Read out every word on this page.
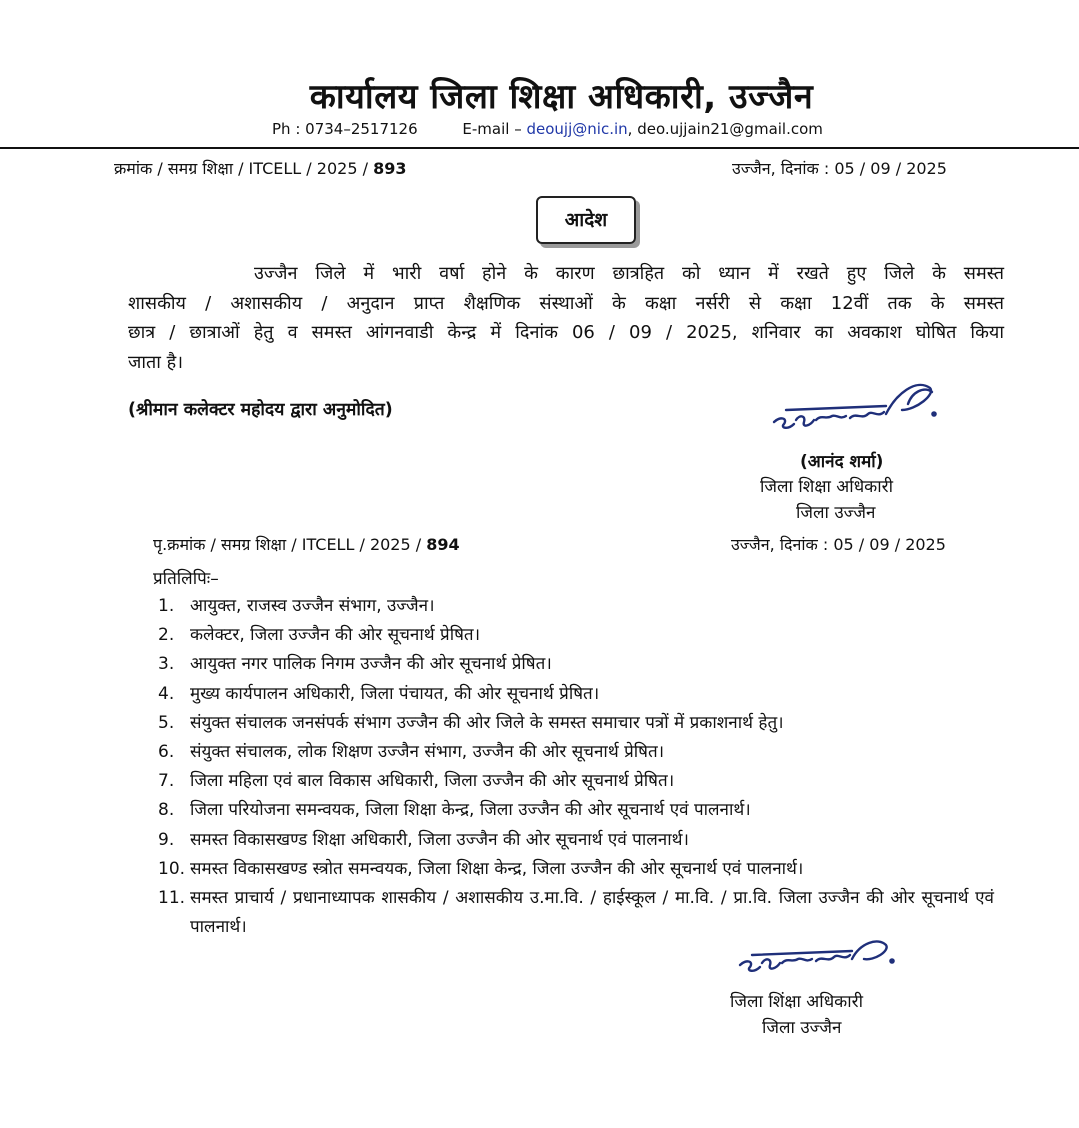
कार्यालय जिला शिक्षा अधिकारी, उज्जैन
Ph : 0734–2517126	E-mail – deoujj@nic.in, deo.ujjain21@gmail.com
क्रमांक / समग्र शिक्षा / ITCELL / 2025 / 893	उज्जैन, दिनांक : 05 / 09 / 2025
आदेश
उज्जैन जिले में भारी वर्षा होने के कारण छात्रहित को ध्यान में रखते हुए जिले के समस्त
शासकीय / अशासकीय / अनुदान प्राप्त शैक्षणिक संस्थाओं के कक्षा नर्सरी से कक्षा 12वीं तक के समस्त
छात्र / छात्राओं हेतु व समस्त आंगनवाडी केन्द्र में दिनांक 06 / 09 / 2025, शनिवार का अवकाश घोषित किया
जाता है।
(श्रीमान कलेक्टर महोदय द्वारा अनुमोदित)
(आनंद शर्मा)
जिला शिक्षा अधिकारी
जिला उज्जैन
पृ.क्रमांक / समग्र शिक्षा / ITCELL / 2025 / 894	उज्जैन, दिनांक : 05 / 09 / 2025
प्रतिलिपिः–
1. आयुक्त, राजस्व उज्जैन संभाग, उज्जैन।
2. कलेक्टर, जिला उज्जैन की ओर सूचनार्थ प्रेषित।
3. आयुक्त नगर पालिक निगम उज्जैन की ओर सूचनार्थ प्रेषित।
4. मुख्य कार्यपालन अधिकारी, जिला पंचायत, की ओर सूचनार्थ प्रेषित।
5. संयुक्त संचालक जनसंपर्क संभाग उज्जैन की ओर जिले के समस्त समाचार पत्रों में प्रकाशनार्थ हेतु।
6. संयुक्त संचालक, लोक शिक्षण उज्जैन संभाग, उज्जैन की ओर सूचनार्थ प्रेषित।
7. जिला महिला एवं बाल विकास अधिकारी, जिला उज्जैन की ओर सूचनार्थ प्रेषित।
8. जिला परियोजना समन्वयक, जिला शिक्षा केन्द्र, जिला उज्जैन की ओर सूचनार्थ एवं पालनार्थ।
9. समस्त विकासखण्ड शिक्षा अधिकारी, जिला उज्जैन की ओर सूचनार्थ एवं पालनार्थ।
10. समस्त विकासखण्ड स्त्रोत समन्वयक, जिला शिक्षा केन्द्र, जिला उज्जैन की ओर सूचनार्थ एवं पालनार्थ।
11. समस्त प्राचार्य / प्रधानाध्यापक शासकीय / अशासकीय उ.मा.वि. / हाईस्कूल / मा.वि. / प्रा.वि. जिला उज्जैन की ओर सूचनार्थ एवं पालनार्थ।
जिला शिंक्षा अधिकारी
जिला उज्जैन
